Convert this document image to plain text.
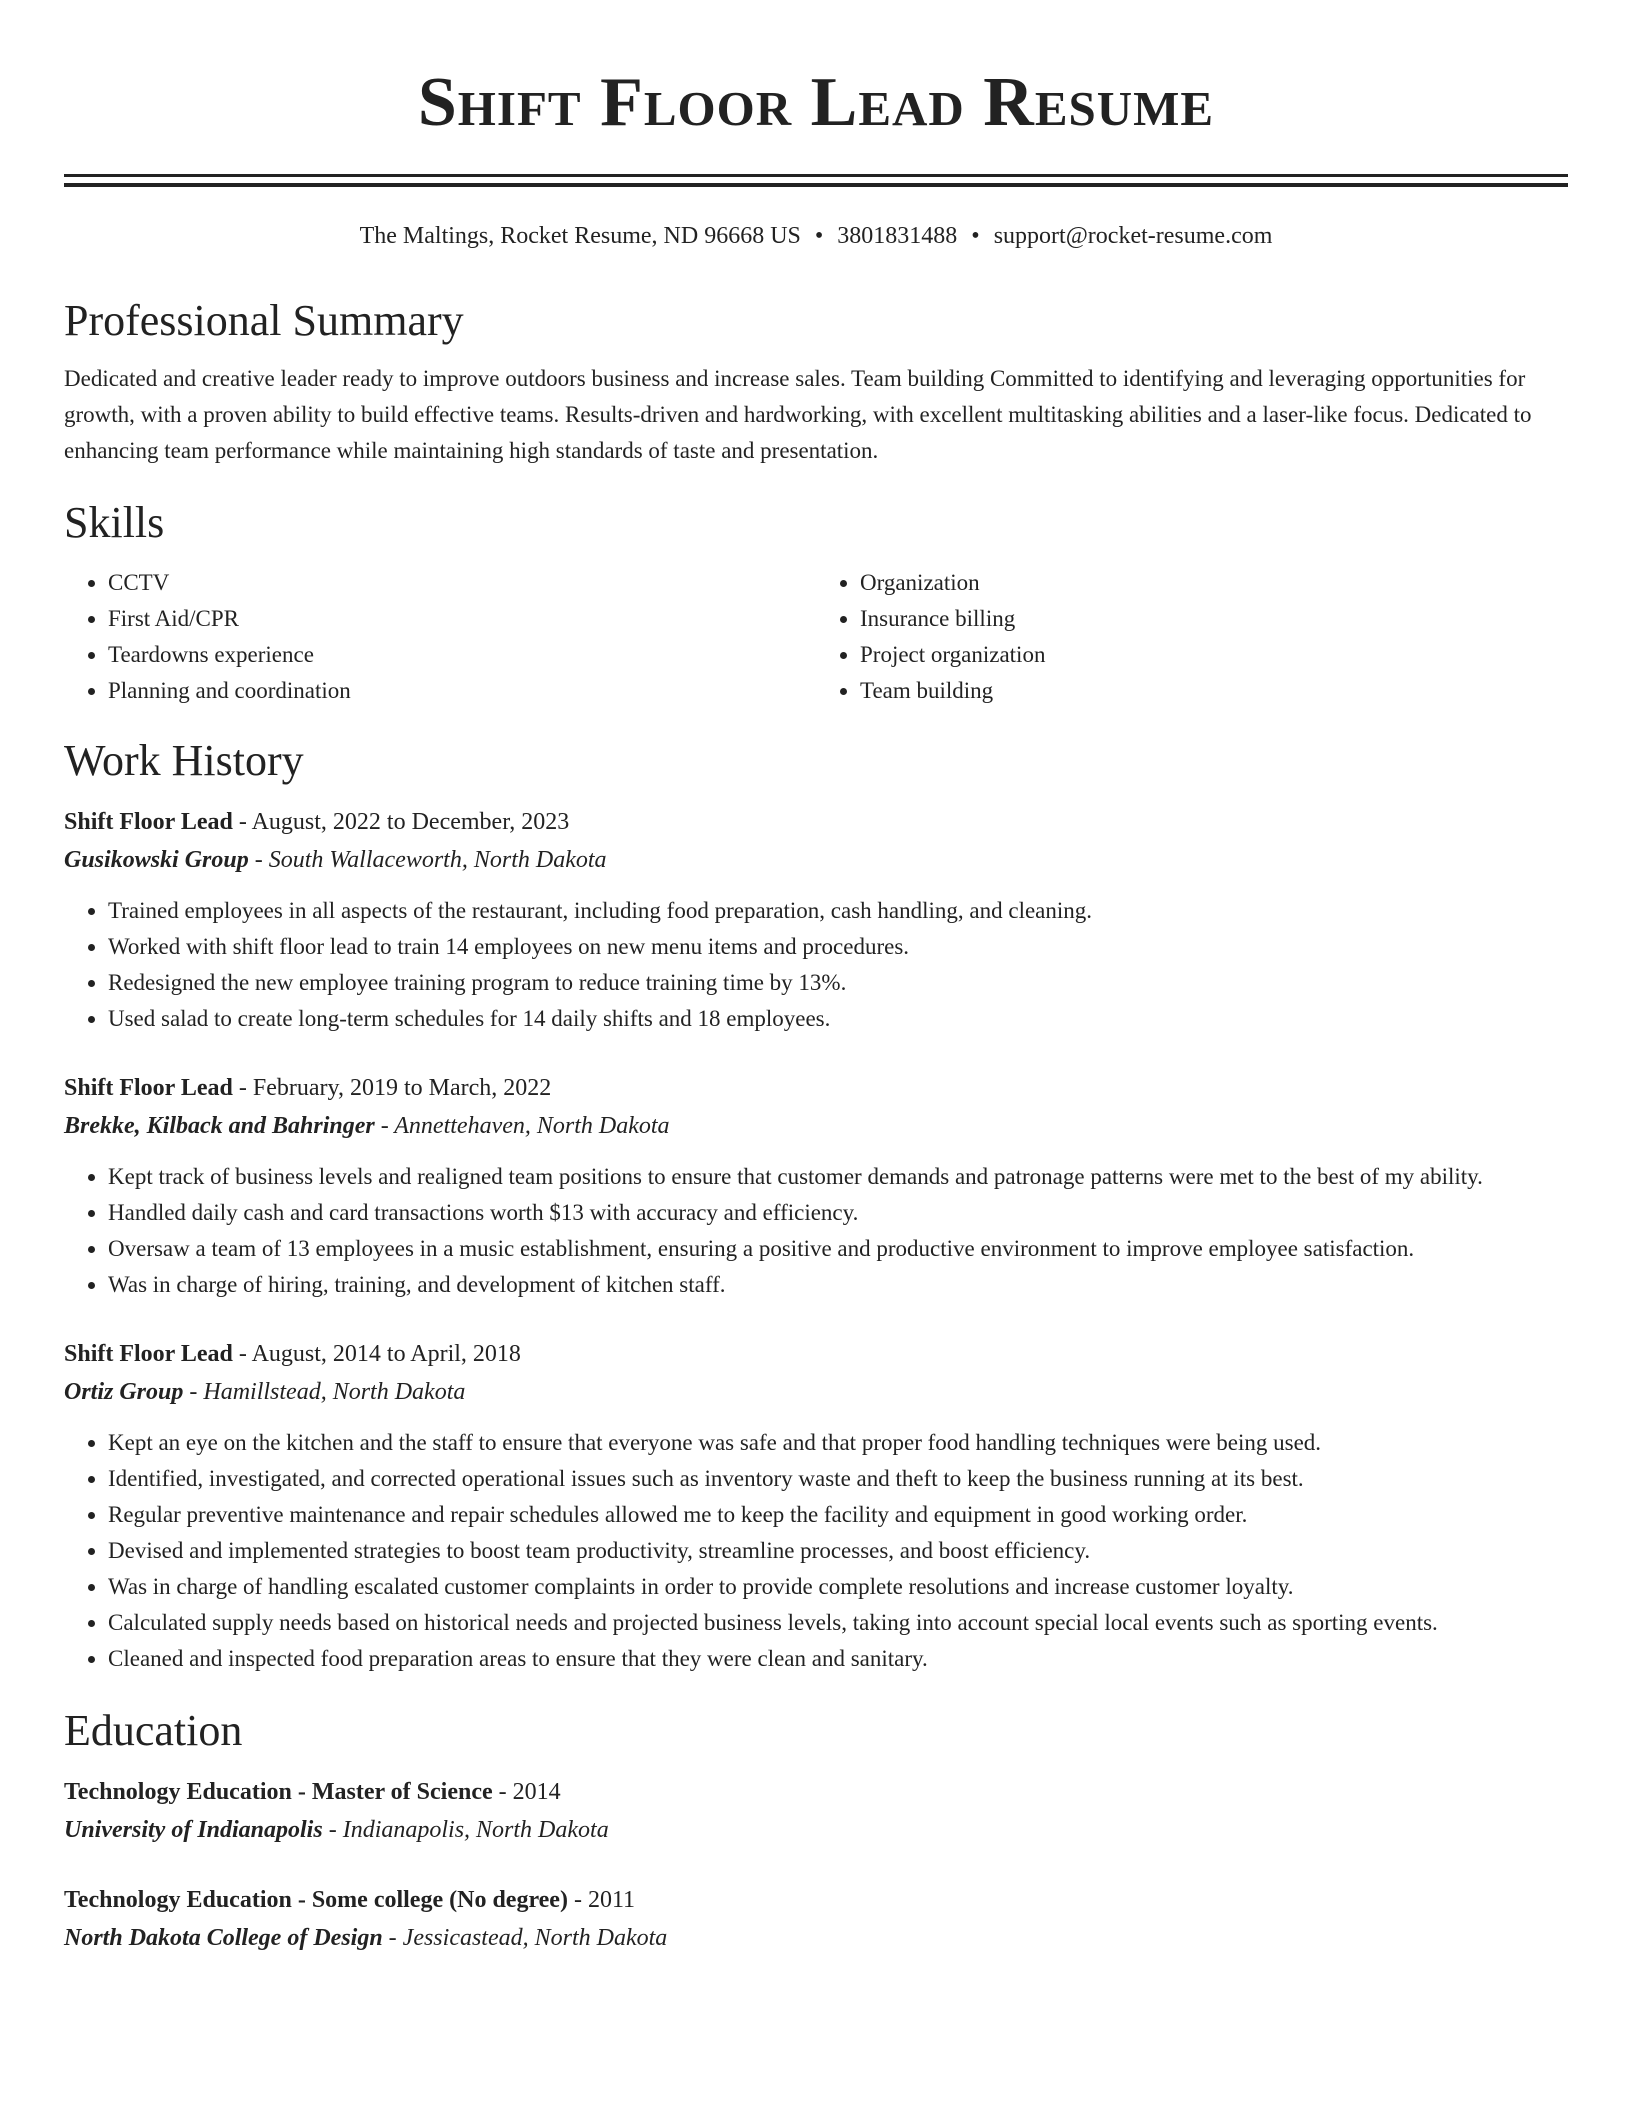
Shift Floor Lead Resume
The Maltings, Rocket Resume, ND 96668 US • 3801831488 • support@rocket-resume.com
Professional Summary
Dedicated and creative leader ready to improve outdoors business and increase sales. Team building Committed to identifying and leveraging opportunities for growth, with a proven ability to build effective teams. Results-driven and hardworking, with excellent multitasking abilities and a laser-like focus. Dedicated to enhancing team performance while maintaining high standards of taste and presentation.
Skills
• CCTV
• First Aid/CPR
• Teardowns experience
• Planning and coordination
• Organization
• Insurance billing
• Project organization
• Team building
Work History
Shift Floor Lead - August, 2022 to December, 2023
Gusikowski Group - South Wallaceworth, North Dakota
• Trained employees in all aspects of the restaurant, including food preparation, cash handling, and cleaning.
• Worked with shift floor lead to train 14 employees on new menu items and procedures.
• Redesigned the new employee training program to reduce training time by 13%.
• Used salad to create long-term schedules for 14 daily shifts and 18 employees.
Shift Floor Lead - February, 2019 to March, 2022
Brekke, Kilback and Bahringer - Annettehaven, North Dakota
• Kept track of business levels and realigned team positions to ensure that customer demands and patronage patterns were met to the best of my ability.
• Handled daily cash and card transactions worth $13 with accuracy and efficiency.
• Oversaw a team of 13 employees in a music establishment, ensuring a positive and productive environment to improve employee satisfaction.
• Was in charge of hiring, training, and development of kitchen staff.
Shift Floor Lead - August, 2014 to April, 2018
Ortiz Group - Hamillstead, North Dakota
• Kept an eye on the kitchen and the staff to ensure that everyone was safe and that proper food handling techniques were being used.
• Identified, investigated, and corrected operational issues such as inventory waste and theft to keep the business running at its best.
• Regular preventive maintenance and repair schedules allowed me to keep the facility and equipment in good working order.
• Devised and implemented strategies to boost team productivity, streamline processes, and boost efficiency.
• Was in charge of handling escalated customer complaints in order to provide complete resolutions and increase customer loyalty.
• Calculated supply needs based on historical needs and projected business levels, taking into account special local events such as sporting events.
• Cleaned and inspected food preparation areas to ensure that they were clean and sanitary.
Education
Technology Education - Master of Science - 2014
University of Indianapolis - Indianapolis, North Dakota
Technology Education - Some college (No degree) - 2011
North Dakota College of Design - Jessicastead, North Dakota
